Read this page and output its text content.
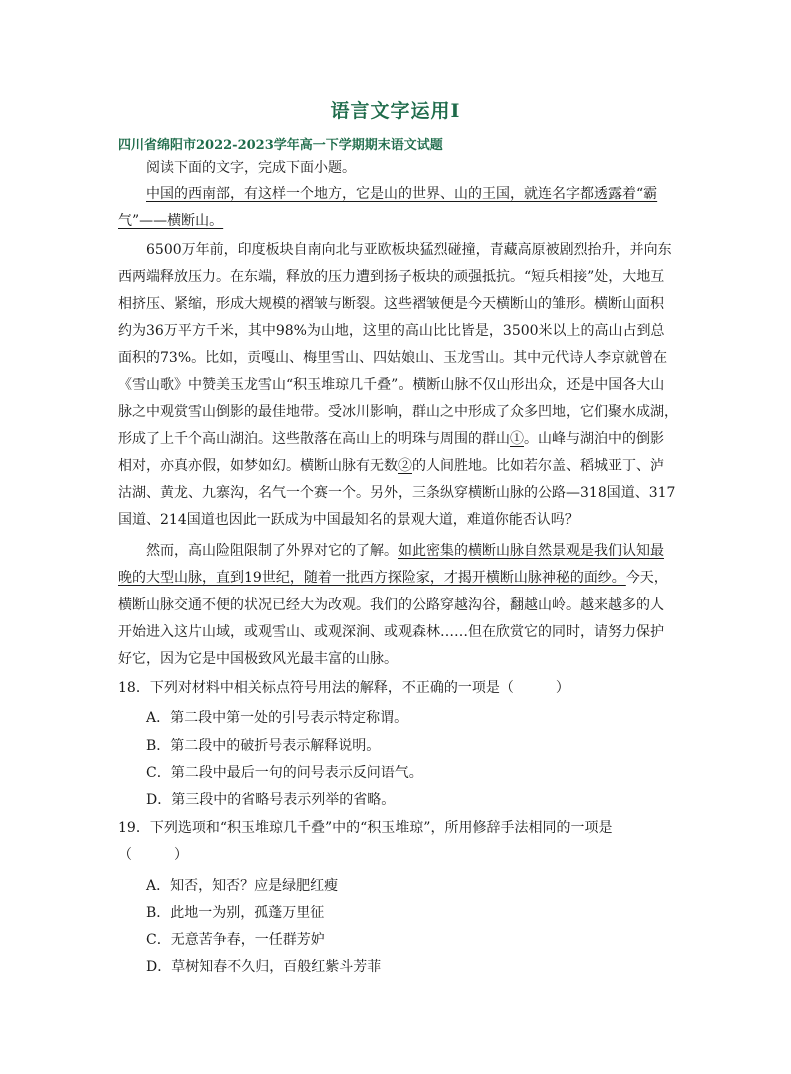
语言文字运用Ⅰ
四川省绵阳市2022-2023学年高一下学期期末语文试题
阅读下面的文字，完成下面小题。
中国的西南部，有这样一个地方，它是山的世界、山的王国，就连名字都透露着“霸
气”——横断山。
6500万年前，印度板块自南向北与亚欧板块猛烈碰撞，青藏高原被剧烈抬升，并向东
西两端释放压力。在东端，释放的压力遭到扬子板块的顽强抵抗。“短兵相接”处，大地互
相挤压、紧缩，形成大规模的褶皱与断裂。这些褶皱便是今天横断山的雏形。横断山面积
约为36万平方千米，其中98%为山地，这里的高山比比皆是，3500米以上的高山占到总
面积的73%。比如，贡嘎山、梅里雪山、四姑娘山、玉龙雪山。其中元代诗人李京就曾在
《雪山歌》中赞美玉龙雪山“积玉堆琼几千叠”。横断山脉不仅山形出众，还是中国各大山
脉之中观赏雪山倒影的最佳地带。受冰川影响，群山之中形成了众多凹地，它们聚水成湖，
形成了上千个高山湖泊。这些散落在高山上的明珠与周围的群山①。山峰与湖泊中的倒影
相对，亦真亦假，如梦如幻。横断山脉有无数②的人间胜地。比如若尔盖、稻城亚丁、泸
沽湖、黄龙、九寨沟，名气一个赛一个。另外，三条纵穿横断山脉的公路—318国道、317
国道、214国道也因此一跃成为中国最知名的景观大道，难道你能否认吗？
然而，高山险阻限制了外界对它的了解。如此密集的横断山脉自然景观是我们认知最
晚的大型山脉，直到19世纪，随着一批西方探险家，才揭开横断山脉神秘的面纱。今天，
横断山脉交通不便的状况已经大为改观。我们的公路穿越沟谷，翻越山岭。越来越多的人
开始进入这片山域，或观雪山、或观深涧、或观森林……但在欣赏它的同时，请努力保护
好它，因为它是中国极致风光最丰富的山脉。
18．下列对材料中相关标点符号用法的解释，不正确的一项是（　　　）
A．第二段中第一处的引号表示特定称谓。
B．第二段中的破折号表示解释说明。
C．第二段中最后一句的问号表示反问语气。
D．第三段中的省略号表示列举的省略。
19．下列选项和“积玉堆琼几千叠”中的“积玉堆琼”，所用修辞手法相同的一项是
（　　　）
A．知否，知否？应是绿肥红瘦
B．此地一为别，孤蓬万里征
C．无意苦争春，一任群芳妒
D．草树知春不久归，百般红紫斗芳菲
